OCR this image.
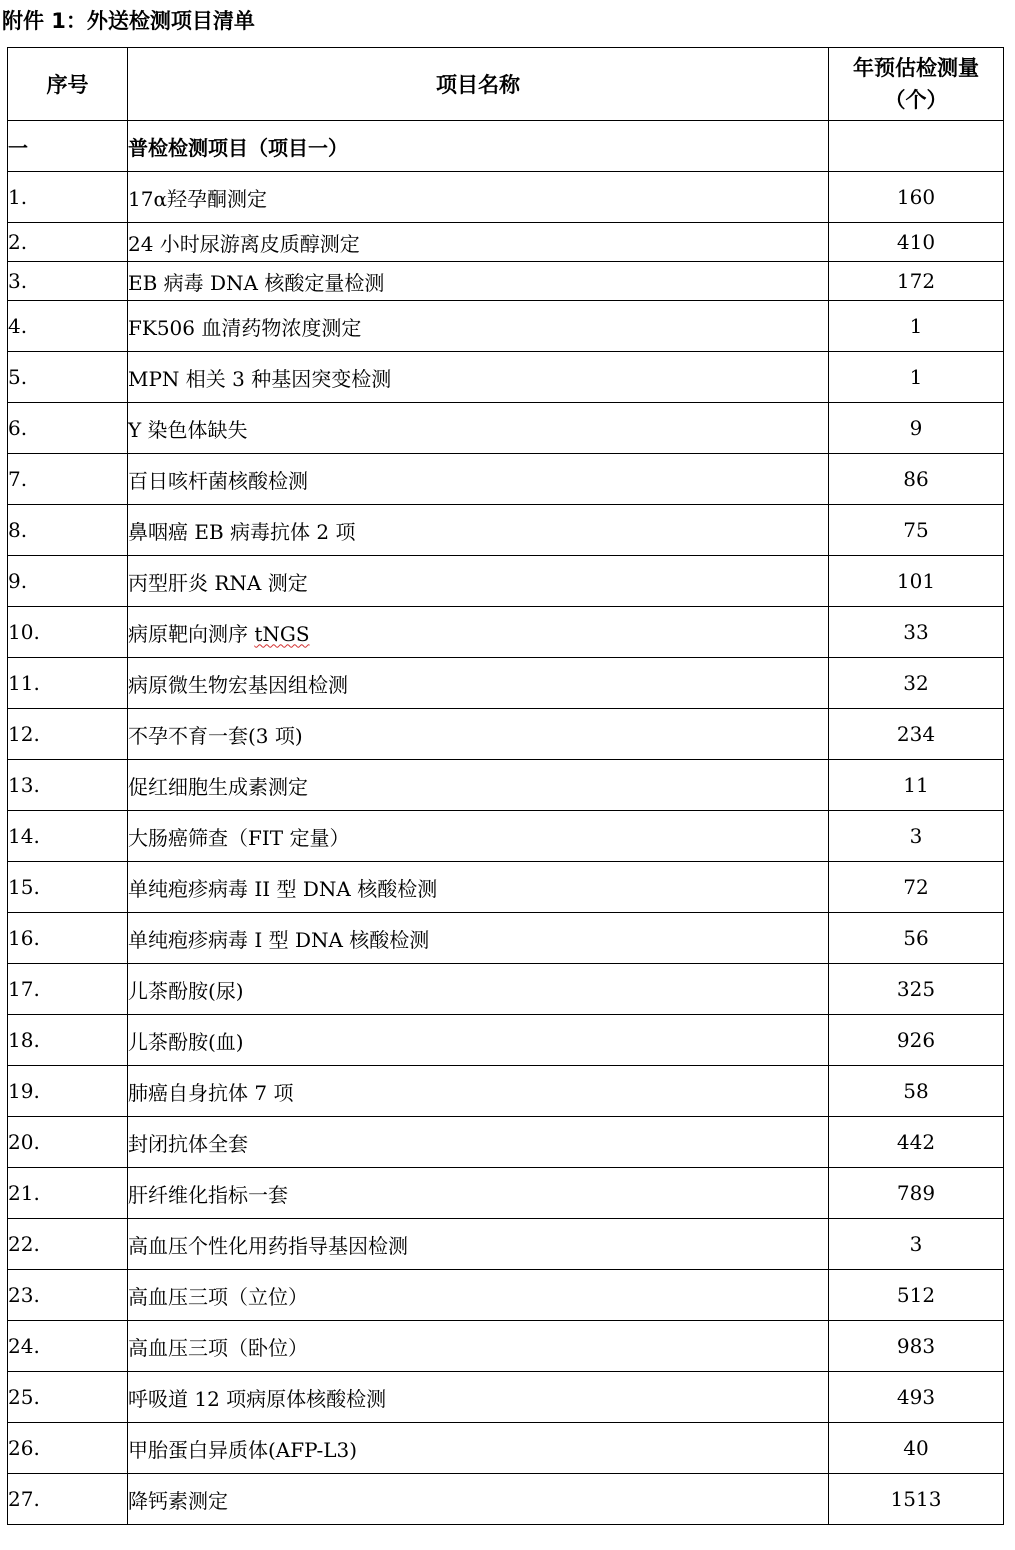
附件 1：外送检测项目清单
序号	项目名称	年预估检测量
（个）

一	普检检测项目（项目一）	
1.	17α羟孕酮测定	160
2.	24 小时尿游离皮质醇测定	410
3.	EB 病毒 DNA 核酸定量检测	172
4.	FK506 血清药物浓度测定	1
5.	MPN 相关 3 种基因突变检测	1
6.	Y 染色体缺失	9
7.	百日咳杆菌核酸检测	86
8.	鼻咽癌 EB 病毒抗体 2 项	75
9.	丙型肝炎 RNA 测定	101
10.	病原靶向测序 tNGS	33
11.	病原微生物宏基因组检测	32
12.	不孕不育一套(3 项)	234
13.	促红细胞生成素测定	11
14.	大肠癌筛查（FIT 定量）	3
15.	单纯疱疹病毒 II 型 DNA 核酸检测	72
16.	单纯疱疹病毒 I 型 DNA 核酸检测	56
17.	儿茶酚胺(尿)	325
18.	儿茶酚胺(血)	926
19.	肺癌自身抗体 7 项	58
20.	封闭抗体全套	442
21.	肝纤维化指标一套	789
22.	高血压个性化用药指导基因检测	3
23.	高血压三项（立位）	512
24.	高血压三项（卧位）	983
25.	呼吸道 12 项病原体核酸检测	493
26.	甲胎蛋白异质体(AFP-L3)	40
27.	降钙素测定	1513
